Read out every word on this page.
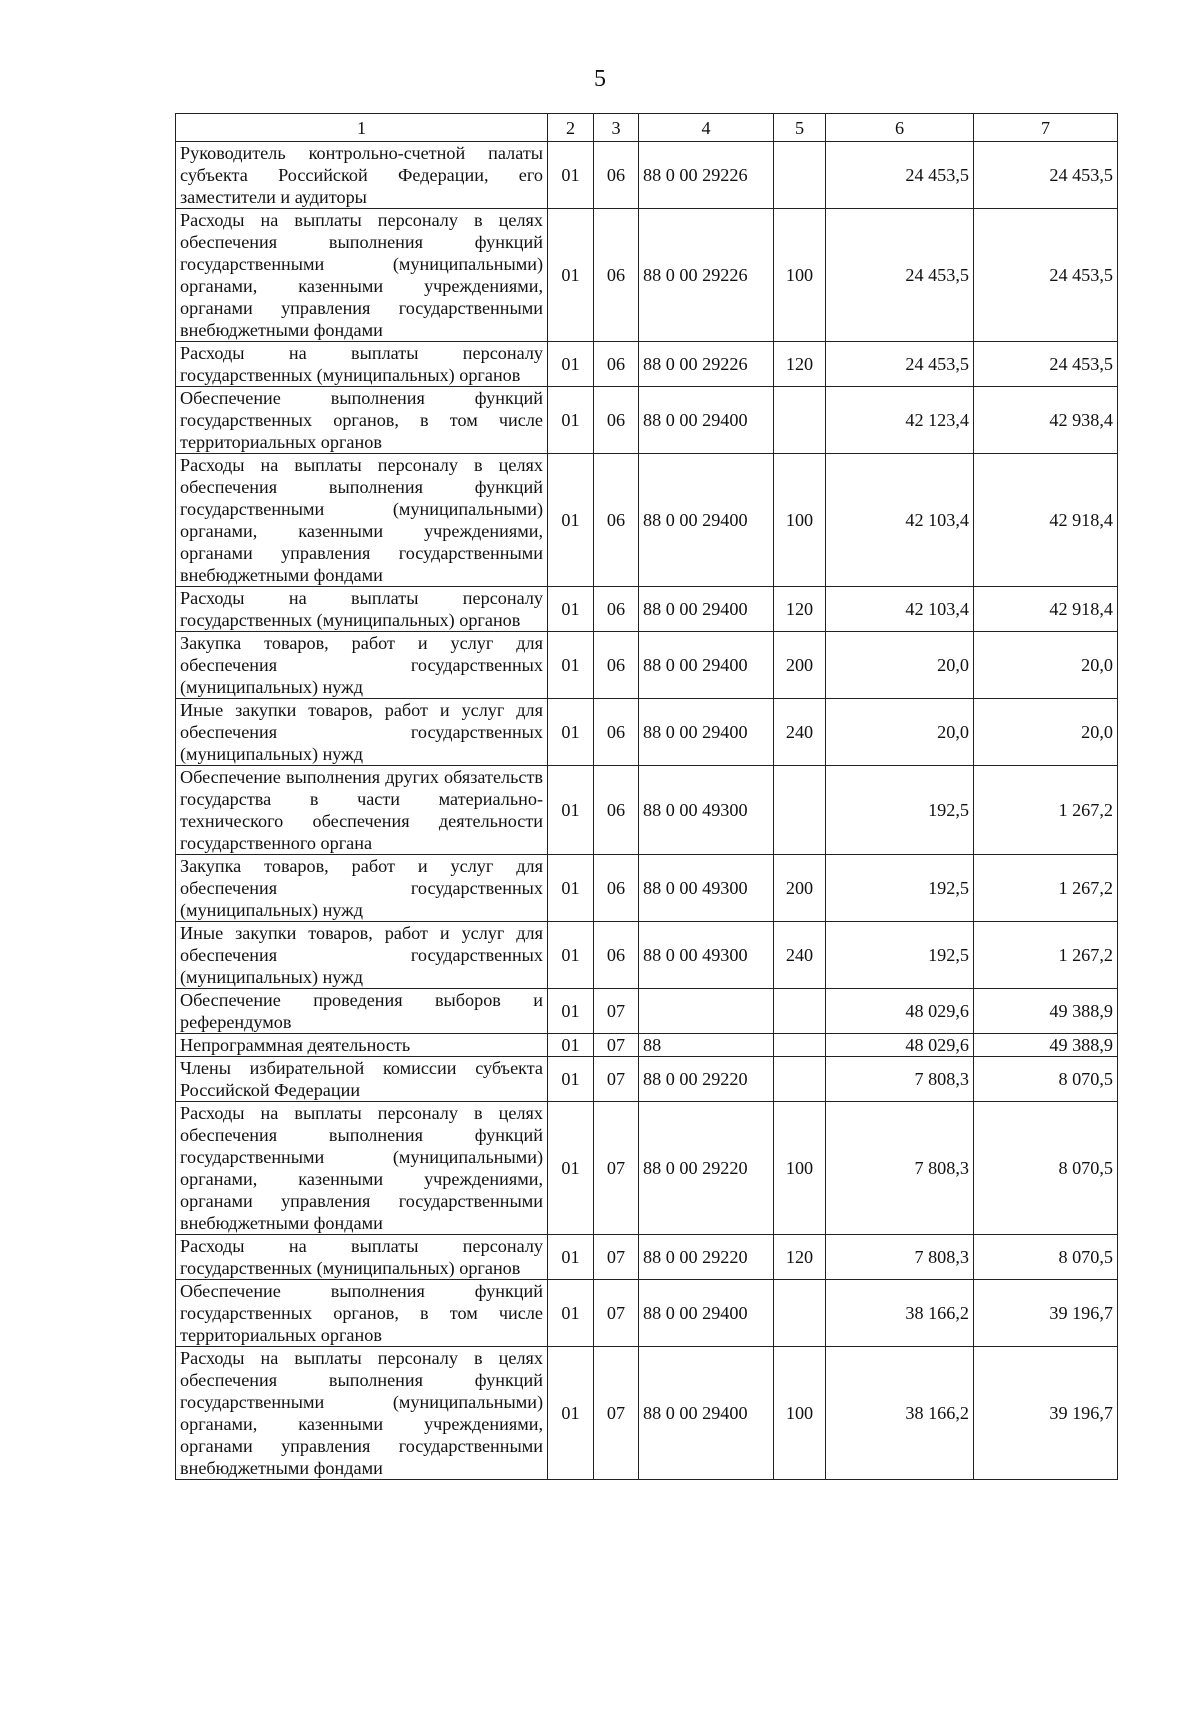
5
1	2	3	4	5	6	7
Руководитель контрольно-счетной палаты субъекта Российской Федерации, его заместители и аудиторы	01	06	88 0 00 29226		24 453,5	24 453,5
Расходы на выплаты персоналу в целях обеспечения выполнения функций государственными (муниципальными) органами, казенными учреждениями, органами управления государственными внебюджетными фондами	01	06	88 0 00 29226	100	24 453,5	24 453,5
Расходы на выплаты персоналу государственных (муниципальных) органов	01	06	88 0 00 29226	120	24 453,5	24 453,5
Обеспечение выполнения функций государственных органов, в том числе территориальных органов	01	06	88 0 00 29400		42 123,4	42 938,4
Расходы на выплаты персоналу в целях обеспечения выполнения функций государственными (муниципальными) органами, казенными учреждениями, органами управления государственными внебюджетными фондами	01	06	88 0 00 29400	100	42 103,4	42 918,4
Расходы на выплаты персоналу государственных (муниципальных) органов	01	06	88 0 00 29400	120	42 103,4	42 918,4
Закупка товаров, работ и услуг для обеспечения государственных (муниципальных) нужд	01	06	88 0 00 29400	200	20,0	20,0
Иные закупки товаров, работ и услуг для обеспечения государственных (муниципальных) нужд	01	06	88 0 00 29400	240	20,0	20,0
Обеспечение выполнения других обязательств государства в части материально-технического обеспечения деятельности государственного органа	01	06	88 0 00 49300		192,5	1 267,2
Закупка товаров, работ и услуг для обеспечения государственных (муниципальных) нужд	01	06	88 0 00 49300	200	192,5	1 267,2
Иные закупки товаров, работ и услуг для обеспечения государственных (муниципальных) нужд	01	06	88 0 00 49300	240	192,5	1 267,2
Обеспечение проведения выборов и референдумов	01	07			48 029,6	49 388,9
Непрограммная деятельность	01	07	88		48 029,6	49 388,9
Члены избирательной комиссии субъекта Российской Федерации	01	07	88 0 00 29220		7 808,3	8 070,5
Расходы на выплаты персоналу в целях обеспечения выполнения функций государственными (муниципальными) органами, казенными учреждениями, органами управления государственными внебюджетными фондами	01	07	88 0 00 29220	100	7 808,3	8 070,5
Расходы на выплаты персоналу государственных (муниципальных) органов	01	07	88 0 00 29220	120	7 808,3	8 070,5
Обеспечение выполнения функций государственных органов, в том числе территориальных органов	01	07	88 0 00 29400		38 166,2	39 196,7
Расходы на выплаты персоналу в целях обеспечения выполнения функций государственными (муниципальными) органами, казенными учреждениями, органами управления государственными внебюджетными фондами	01	07	88 0 00 29400	100	38 166,2	39 196,7
